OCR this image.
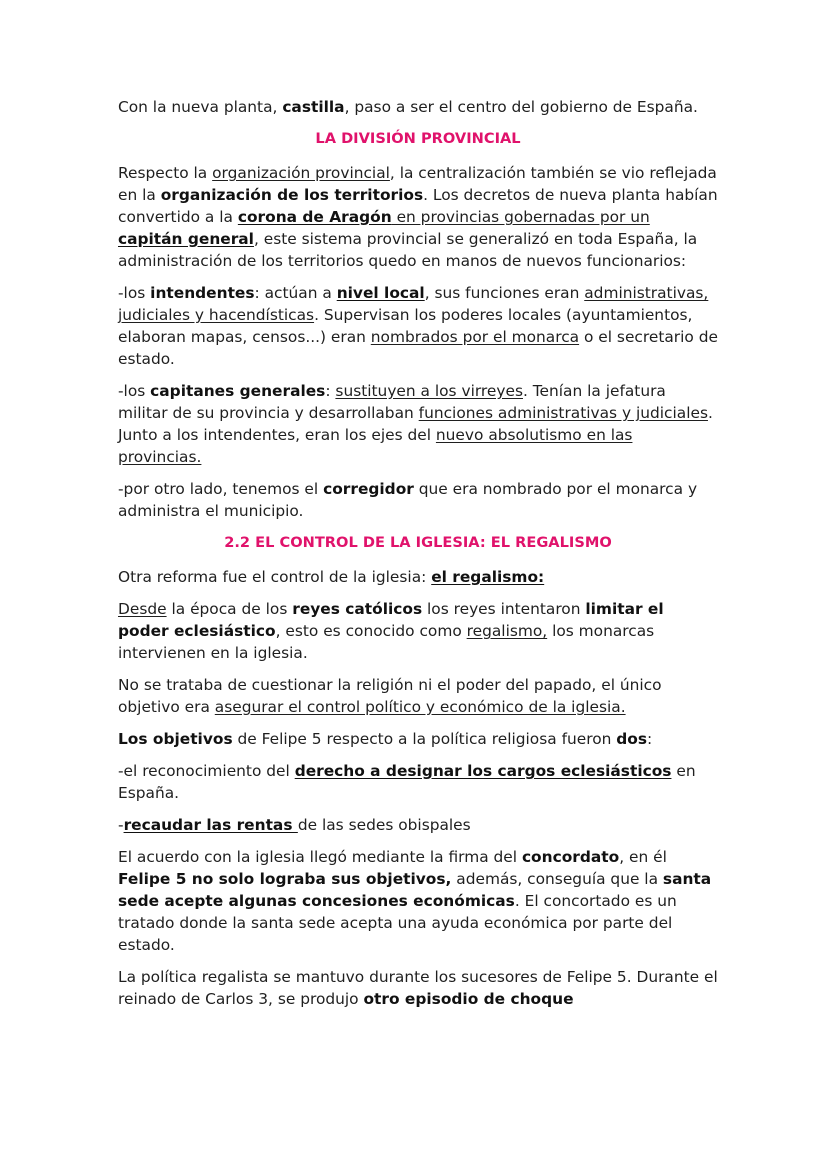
Con la nueva planta, castilla, paso a ser el centro del gobierno de España.

LA DIVISIÓN PROVINCIAL

Respecto la organización provincial, la centralización también se vio reflejada en la organización de los territorios. Los decretos de nueva planta habían convertido a la corona de Aragón en provincias gobernadas por un capitán general, este sistema provincial se generalizó en toda España, la administración de los territorios quedo en manos de nuevos funcionarios:

-los intendentes: actúan a nivel local, sus funciones eran administrativas, judiciales y hacendísticas. Supervisan los poderes locales (ayuntamientos, elaboran mapas, censos...) eran nombrados por el monarca o el secretario de estado.

-los capitanes generales: sustituyen a los virreyes. Tenían la jefatura militar de su provincia y desarrollaban funciones administrativas y judiciales. Junto a los intendentes, eran los ejes del nuevo absolutismo en las provincias.

-por otro lado, tenemos el corregidor que era nombrado por el monarca y administra el municipio.

2.2 EL CONTROL DE LA IGLESIA: EL REGALISMO

Otra reforma fue el control de la iglesia: el regalismo:

Desde la época de los reyes católicos los reyes intentaron limitar el poder eclesiástico, esto es conocido como regalismo, los monarcas intervienen en la iglesia.

No se trataba de cuestionar la religión ni el poder del papado, el único objetivo era asegurar el control político y económico de la iglesia.

Los objetivos de Felipe 5 respecto a la política religiosa fueron dos:

-el reconocimiento del derecho a designar los cargos eclesiásticos en España.

-recaudar las rentas de las sedes obispales

El acuerdo con la iglesia llegó mediante la firma del concordato, en él Felipe 5 no solo lograba sus objetivos, además, conseguía que la santa sede acepte algunas concesiones económicas. El concortado es un tratado donde la santa sede acepta una ayuda económica por parte del estado.

La política regalista se mantuvo durante los sucesores de Felipe 5. Durante el reinado de Carlos 3, se produjo otro episodio de choque
